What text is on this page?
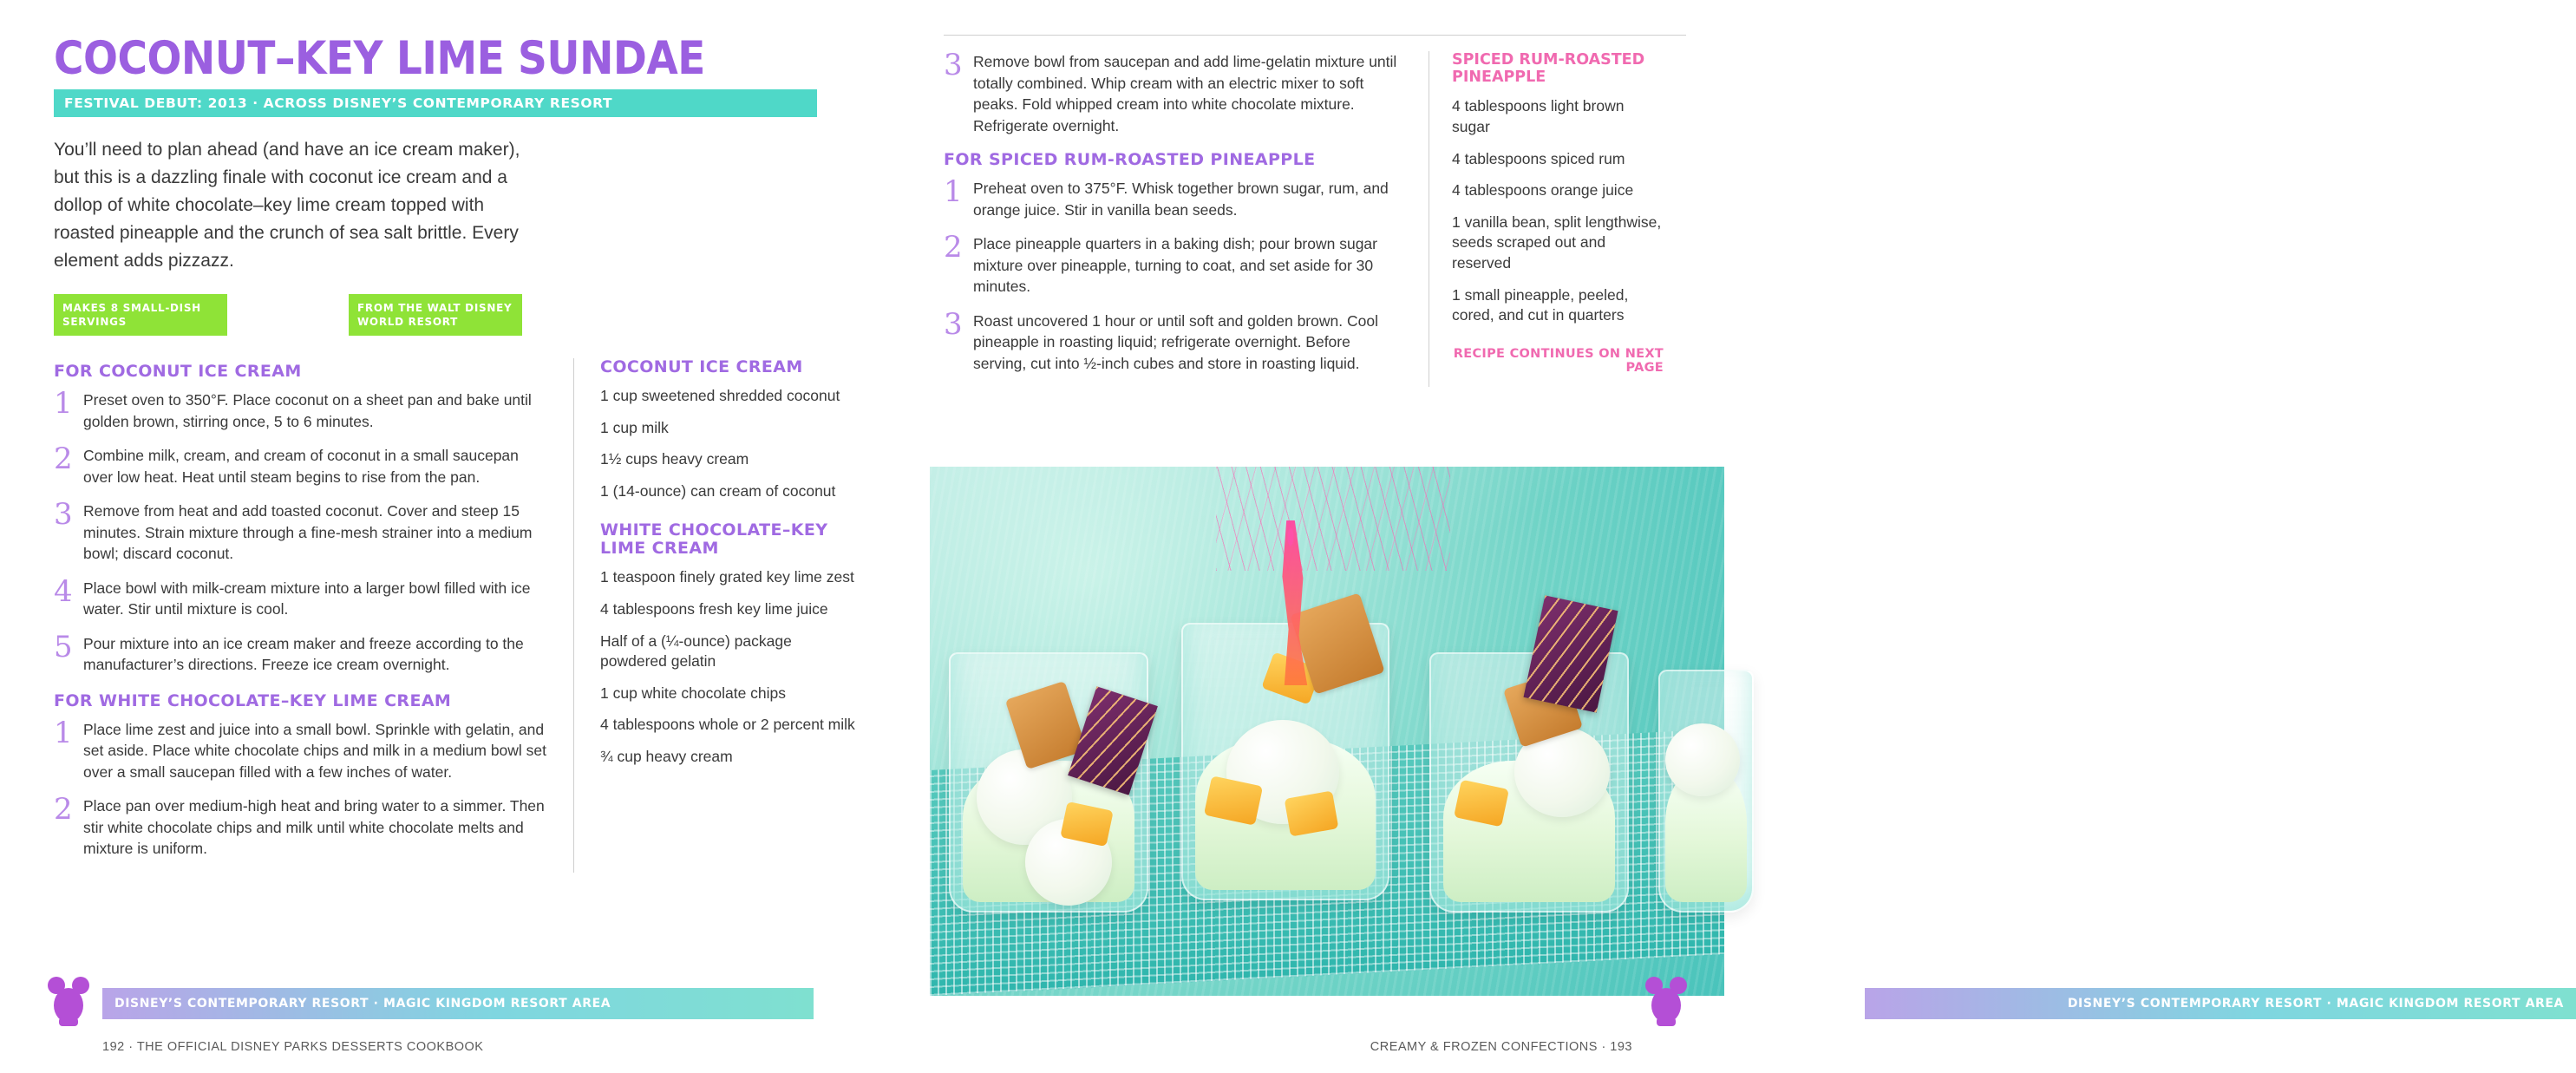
COCONUT–KEY LIME SUNDAE
FESTIVAL DEBUT: 2013 · ACROSS DISNEY’S CONTEMPORARY RESORT
You’ll need to plan ahead (and have an ice cream maker), but this is a dazzling finale with coconut ice cream and a dollop of white chocolate–key lime cream topped with roasted pineapple and the crunch of sea salt brittle. Every element adds pizzazz.
MAKES 8 SMALL-DISH SERVINGS
FROM THE WALT DISNEY WORLD RESORT
FOR COCONUT ICE CREAM
1 Preset oven to 350°F. Place coconut on a sheet pan and bake until golden brown, stirring once, 5 to 6 minutes.
2 Combine milk, cream, and cream of coconut in a small saucepan over low heat. Heat until steam begins to rise from the pan.
3 Remove from heat and add toasted coconut. Cover and steep 15 minutes. Strain mixture through a fine-mesh strainer into a medium bowl; discard coconut.
4 Place bowl with milk-cream mixture into a larger bowl filled with ice water. Stir until mixture is cool.
5 Pour mixture into an ice cream maker and freeze according to the manufacturer’s directions. Freeze ice cream overnight.
FOR WHITE CHOCOLATE–KEY LIME CREAM
1 Place lime zest and juice into a small bowl. Sprinkle with gelatin, and set aside. Place white chocolate chips and milk in a medium bowl set over a small saucepan filled with a few inches of water.
2 Place pan over medium-high heat and bring water to a simmer. Then stir white chocolate chips and milk until white chocolate melts and mixture is uniform.
COCONUT ICE CREAM
1 cup sweetened shredded coconut
1 cup milk
1½ cups heavy cream
1 (14-ounce) can cream of coconut
WHITE CHOCOLATE–KEY LIME CREAM
1 teaspoon finely grated key lime zest
4 tablespoons fresh key lime juice
Half of a (¼-ounce) package powdered gelatin
1 cup white chocolate chips
4 tablespoons whole or 2 percent milk
¾ cup heavy cream
DISNEY’S CONTEMPORARY RESORT · MAGIC KINGDOM RESORT AREA
192 · THE OFFICIAL DISNEY PARKS DESSERTS COOKBOOK
3 Remove bowl from saucepan and add lime-gelatin mixture until totally combined. Whip cream with an electric mixer to soft peaks. Fold whipped cream into white chocolate mixture. Refrigerate overnight.
FOR SPICED RUM-ROASTED PINEAPPLE
1 Preheat oven to 375°F. Whisk together brown sugar, rum, and orange juice. Stir in vanilla bean seeds.
2 Place pineapple quarters in a baking dish; pour brown sugar mixture over pineapple, turning to coat, and set aside for 30 minutes.
3 Roast uncovered 1 hour or until soft and golden brown. Cool pineapple in roasting liquid; refrigerate overnight. Before serving, cut into ½-inch cubes and store in roasting liquid.
SPICED RUM-ROASTED PINEAPPLE
4 tablespoons light brown sugar
4 tablespoons spiced rum
4 tablespoons orange juice
1 vanilla bean, split lengthwise, seeds scraped out and reserved
1 small pineapple, peeled, cored, and cut in quarters
RECIPE CONTINUES ON NEXT PAGE
DISNEY’S CONTEMPORARY RESORT · MAGIC KINGDOM RESORT AREA
CREAMY & FROZEN CONFECTIONS · 193
